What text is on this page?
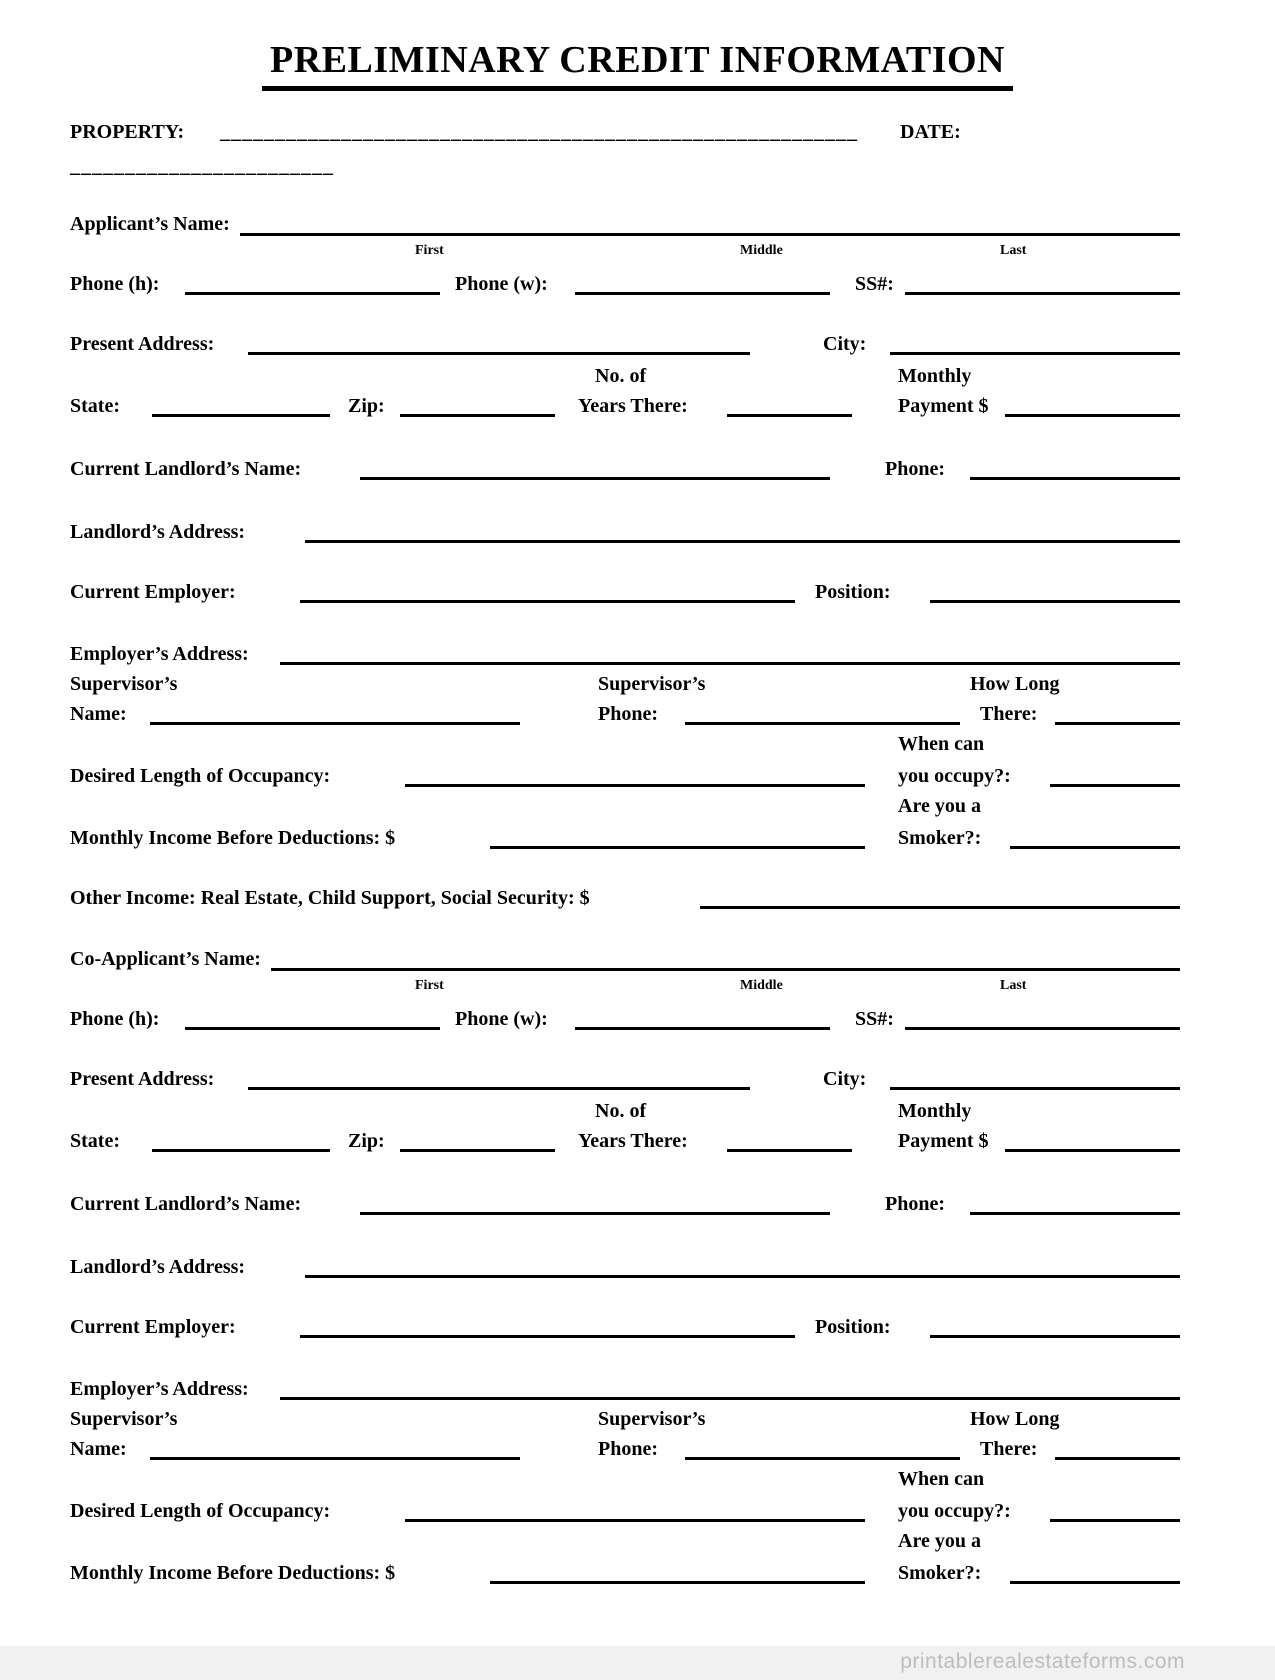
PRELIMINARY CREDIT INFORMATION
PROPERTY: __________________________________________________________ DATE:
________________________
Applicant’s Name:
First	Middle	Last
Phone (h):	Phone (w):	SS#:
Present Address:	City:
No. of	Monthly
State:	Zip:	Years There:	Payment $
Current Landlord’s Name:	Phone:
Landlord’s Address:
Current Employer:	Position:
Employer’s Address:
Supervisor’s	Supervisor’s	How Long
Name:	Phone:	There:
When can
Desired Length of Occupancy:	you occupy?:
Are you a
Monthly Income Before Deductions: $	Smoker?:
Other Income: Real Estate, Child Support, Social Security: $
Co-Applicant’s Name:
First	Middle	Last
Phone (h):	Phone (w):	SS#:
Present Address:	City:
No. of	Monthly
State:	Zip:	Years There:	Payment $
Current Landlord’s Name:	Phone:
Landlord’s Address:
Current Employer:	Position:
Employer’s Address:
Supervisor’s	Supervisor’s	How Long
Name:	Phone:	There:
When can
Desired Length of Occupancy:	you occupy?:
Are you a
Monthly Income Before Deductions: $	Smoker?:
printablerealestateforms.com
